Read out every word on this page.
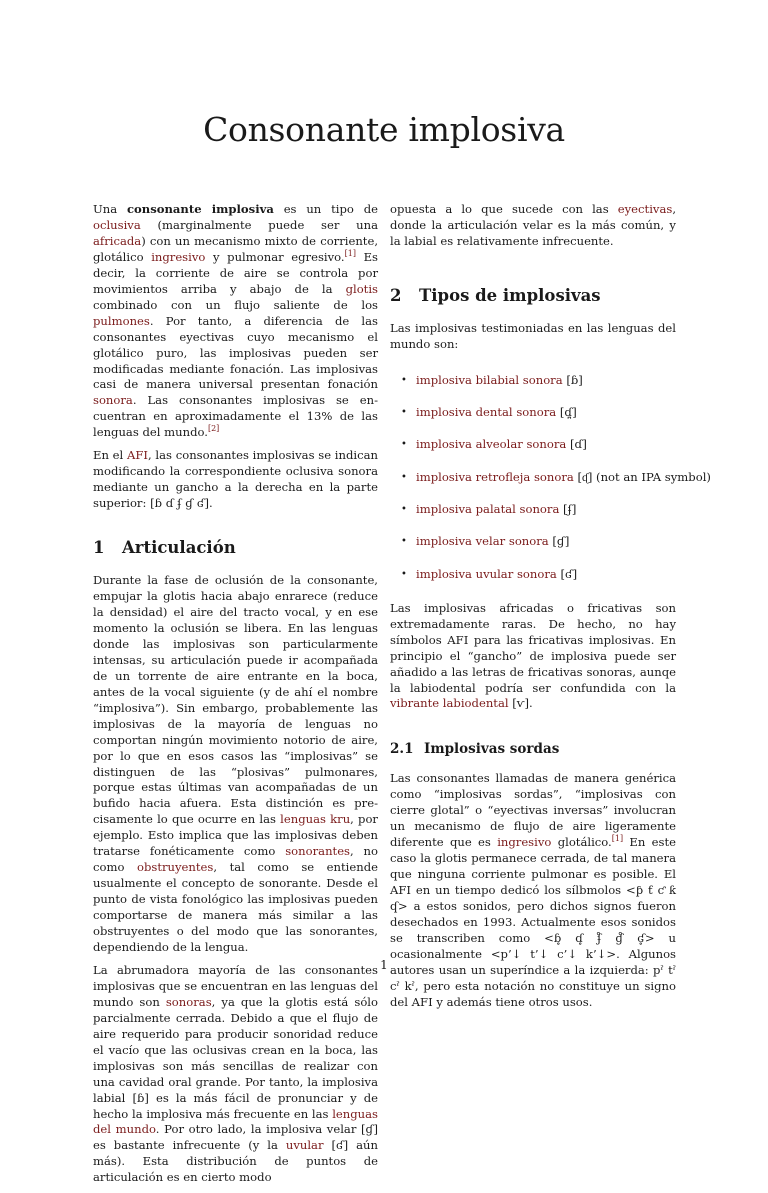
Consonante implosiva

Una consonante implosiva es un tipo de oclusiva (marginalmente puede ser una africada) con un mecanismo mixto de corriente, glotálico ingresivo y pulmonar egresivo.[1] Es decir, la corriente de aire se controla por movimientos arriba y abajo de la glotis combinado con un flujo saliente de los pulmones. Por tanto, a diferencia de las consonantes eyectivas cuyo mecanismo el glotálico puro, las implosivas pueden ser modificadas mediante fonación. Las implosivas casi de manera universal presentan fonación sonora. Las consonantes implosivas se encuentran en aproximadamente el 13% de las lenguas del mundo.[2]

En el AFI, las consonantes implosivas se indican modificando la correspondiente oclusiva sonora mediante un gancho a la derecha en la parte superior: [ɓ ɗ ʄ ɠ ʛ].

1 Articulación

Durante la fase de oclusión de la consonante, empujar la glotis hacia abajo enrarece (reduce la densidad) el aire del tracto vocal, y en ese momento la oclusión se libera. En las lenguas donde las implosivas son particularmente intensas, su articulación puede ir acompañada de un torrente de aire entrante en la boca, antes de la vocal siguiente (y de ahí el nombre “implosiva”). Sin embargo, probablemente las implosivas de la mayoría de lenguas no comportan ningún movimiento notorio de aire, por lo que en esos casos las “implosivas” se distinguen de las “plosivas” pulmonares, porque estas últimas van acompañadas de un bufido hacia afuera. Esta distinción es precisamente lo que ocurre en las lenguas kru, por ejemplo. Esto implica que las implosivas deben tratarse fonéticamente como sonorantes, no como obstruyentes, tal como se entiende usualmente el concepto de sonorante. Desde el punto de vista fonológico las implosivas pueden comportarse de manera más similar a las obstruyentes o del modo que las sonorantes, dependiendo de la lengua.

La abrumadora mayoría de las consonantes implosivas que se encuentran en las lenguas del mundo son sonoras, ya que la glotis está sólo parcialmente cerrada. Debido a que el flujo de aire requerido para producir sonoridad reduce el vacío que las oclusivas crean en la boca, las implosivas son más sencillas de realizar con una cavidad oral grande. Por tanto, la implosiva labial [ɓ] es la más fácil de pronunciar y de hecho la implosiva más frecuente en las lenguas del mundo. Por otro lado, la implosiva velar [ɠ] es bastante infrecuente (y la uvular [ʛ] aún más). Esta distribución de puntos de articulación es en cierto modo

opuesta a lo que sucede con las eyectivas, donde la articulación velar es la más común, y la labial es relativamente infrecuente.

2 Tipos de implosivas

Las implosivas testimoniadas en las lenguas del mundo son:

• implosiva bilabial sonora [ɓ]
• implosiva dental sonora [ɗ̪]
• implosiva alveolar sonora [ɗ]
• implosiva retrofleja sonora [ᶑ] (not an IPA symbol)
• implosiva palatal sonora [ʄ]
• implosiva velar sonora [ɠ]
• implosiva uvular sonora [ʛ]

Las implosivas africadas o fricativas son extremadamente raras. De hecho, no hay símbolos AFI para las fricativas implosivas. En principio el “gancho” de implosiva puede ser añadido a las letras de fricativas sonoras, aunqe la labiodental podría ser confundida con la vibrante labiodental [ⱱ].

2.1 Implosivas sordas

Las consonantes llamadas de manera genérica como “implosivas sordas”, “implosivas con cierre glotal” o “eyectivas inversas” involucran un mecanismo de flujo de aire ligeramente diferente que es ingresivo glotálico.[1] En este caso la glotis permanece cerrada, de tal manera que ninguna corriente pulmonar es posible. El AFI en un tiempo dedicó los sílbmolos <ƥ ƭ ƈ ƙ ʠ> a estos sonidos, pero dichos signos fueron desechados en 1993. Actualmente esos sonidos se transcriben como <ɓ̥ ɗ̥ ʄ̊ ɠ̊ ʛ̥> u ocasionalmente <p’↓ t’↓ c’↓ k’↓>. Algunos autores usan un superíndice a la izquierda: pˀ tˀ cˀ kˀ, pero esta notación no constituye un signo del AFI y además tiene otros usos.

1
